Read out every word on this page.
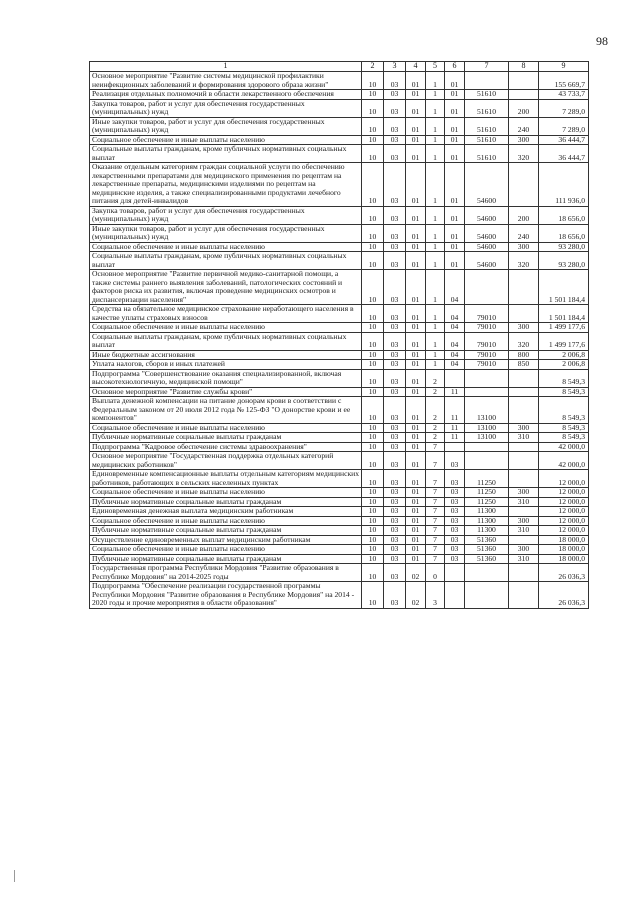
98
1	2	3	4	5	6	7	8	9
Основное мероприятие "Развитие системы медицинской профилактики неинфекционных заболеваний и формирования здорового образа жизни"	10	03	01	1	01			155 669,7
Реализация отдельных полномочий в области лекарственного обеспечения	10	03	01	1	01	51610		43 733,7
Закупка товаров, работ и услуг для обеспечения государственных (муниципальных) нужд	10	03	01	1	01	51610	200	7 289,0
Иные закупки товаров, работ и услуг для обеспечения государственных (муниципальных) нужд	10	03	01	1	01	51610	240	7 289,0
Социальное обеспечение и иные выплаты населению	10	03	01	1	01	51610	300	36 444,7
Социальные выплаты гражданам, кроме публичных нормативных социальных выплат	10	03	01	1	01	51610	320	36 444,7
Оказание отдельным категориям граждан социальной услуги по обеспечению лекарственными препаратами для медицинского применения по рецептам на лекарственные препараты, медицинскими изделиями по рецептам на медицинские изделия, а также специализированными продуктами лечебного питания для детей-инвалидов	10	03	01	1	01	54600		111 936,0
Закупка товаров, работ и услуг для обеспечения государственных (муниципальных) нужд	10	03	01	1	01	54600	200	18 656,0
Иные закупки товаров, работ и услуг для обеспечения государственных (муниципальных) нужд	10	03	01	1	01	54600	240	18 656,0
Социальное обеспечение и иные выплаты населению	10	03	01	1	01	54600	300	93 280,0
Социальные выплаты гражданам, кроме публичных нормативных социальных выплат	10	03	01	1	01	54600	320	93 280,0
Основное мероприятие "Развитие первичной медико-санитарной помощи, а также системы раннего выявления заболеваний, патологических состояний и факторов риска их развития, включая проведение медицинских осмотров и диспансеризации населения"	10	03	01	1	04			1 501 184,4
Средства на обязательное медицинское страхование неработающего населения в качестве уплаты страховых взносов	10	03	01	1	04	79010		1 501 184,4
Социальное обеспечение и иные выплаты населению	10	03	01	1	04	79010	300	1 499 177,6
Социальные выплаты гражданам, кроме публичных нормативных социальных выплат	10	03	01	1	04	79010	320	1 499 177,6
Иные бюджетные ассигнования	10	03	01	1	04	79010	800	2 006,8
Уплата налогов, сборов и иных платежей	10	03	01	1	04	79010	850	2 006,8
Подпрограмма "Совершенствование оказания специализированной, включая высокотехнологичную, медицинской помощи"	10	03	01	2				8 549,3
Основное мероприятие "Развитие службы крови"	10	03	01	2	11			8 549,3
Выплата денежной компенсации на питание донорам крови в соответствии с Федеральным законом от 20 июля 2012 года № 125-ФЗ "О донорстве крови и ее компонентов"	10	03	01	2	11	13100		8 549,3
Социальное обеспечение и иные выплаты населению	10	03	01	2	11	13100	300	8 549,3
Публичные нормативные социальные выплаты гражданам	10	03	01	2	11	13100	310	8 549,3
Подпрограмма "Кадровое обеспечение системы здравоохранения"	10	03	01	7				42 000,0
Основное мероприятие "Государственная поддержка отдельных категорий медицинских работников"	10	03	01	7	03			42 000,0
Единовременные компенсационные выплаты отдельным категориям медицинских работников, работающих в сельских населенных пунктах	10	03	01	7	03	11250		12 000,0
Социальное обеспечение и иные выплаты населению	10	03	01	7	03	11250	300	12 000,0
Публичные нормативные социальные выплаты гражданам	10	03	01	7	03	11250	310	12 000,0
Единовременная денежная выплата медицинским работникам	10	03	01	7	03	11300		12 000,0
Социальное обеспечение и иные выплаты населению	10	03	01	7	03	11300	300	12 000,0
Публичные нормативные социальные выплаты гражданам	10	03	01	7	03	11300	310	12 000,0
Осуществление единовременных выплат медицинским работникам	10	03	01	7	03	51360		18 000,0
Социальное обеспечение и иные выплаты населению	10	03	01	7	03	51360	300	18 000,0
Публичные нормативные социальные выплаты гражданам	10	03	01	7	03	51360	310	18 000,0
Государственная программа Республики Мордовия "Развитие образования в Республике Мордовия" на 2014-2025 годы	10	03	02	0				26 036,3
Подпрограмма "Обеспечение реализации государственной программы Республики Мордовия "Развитие образования в Республике Мордовия" на 2014 - 2020 годы и прочие мероприятия в области образования"	10	03	02	3				26 036,3
